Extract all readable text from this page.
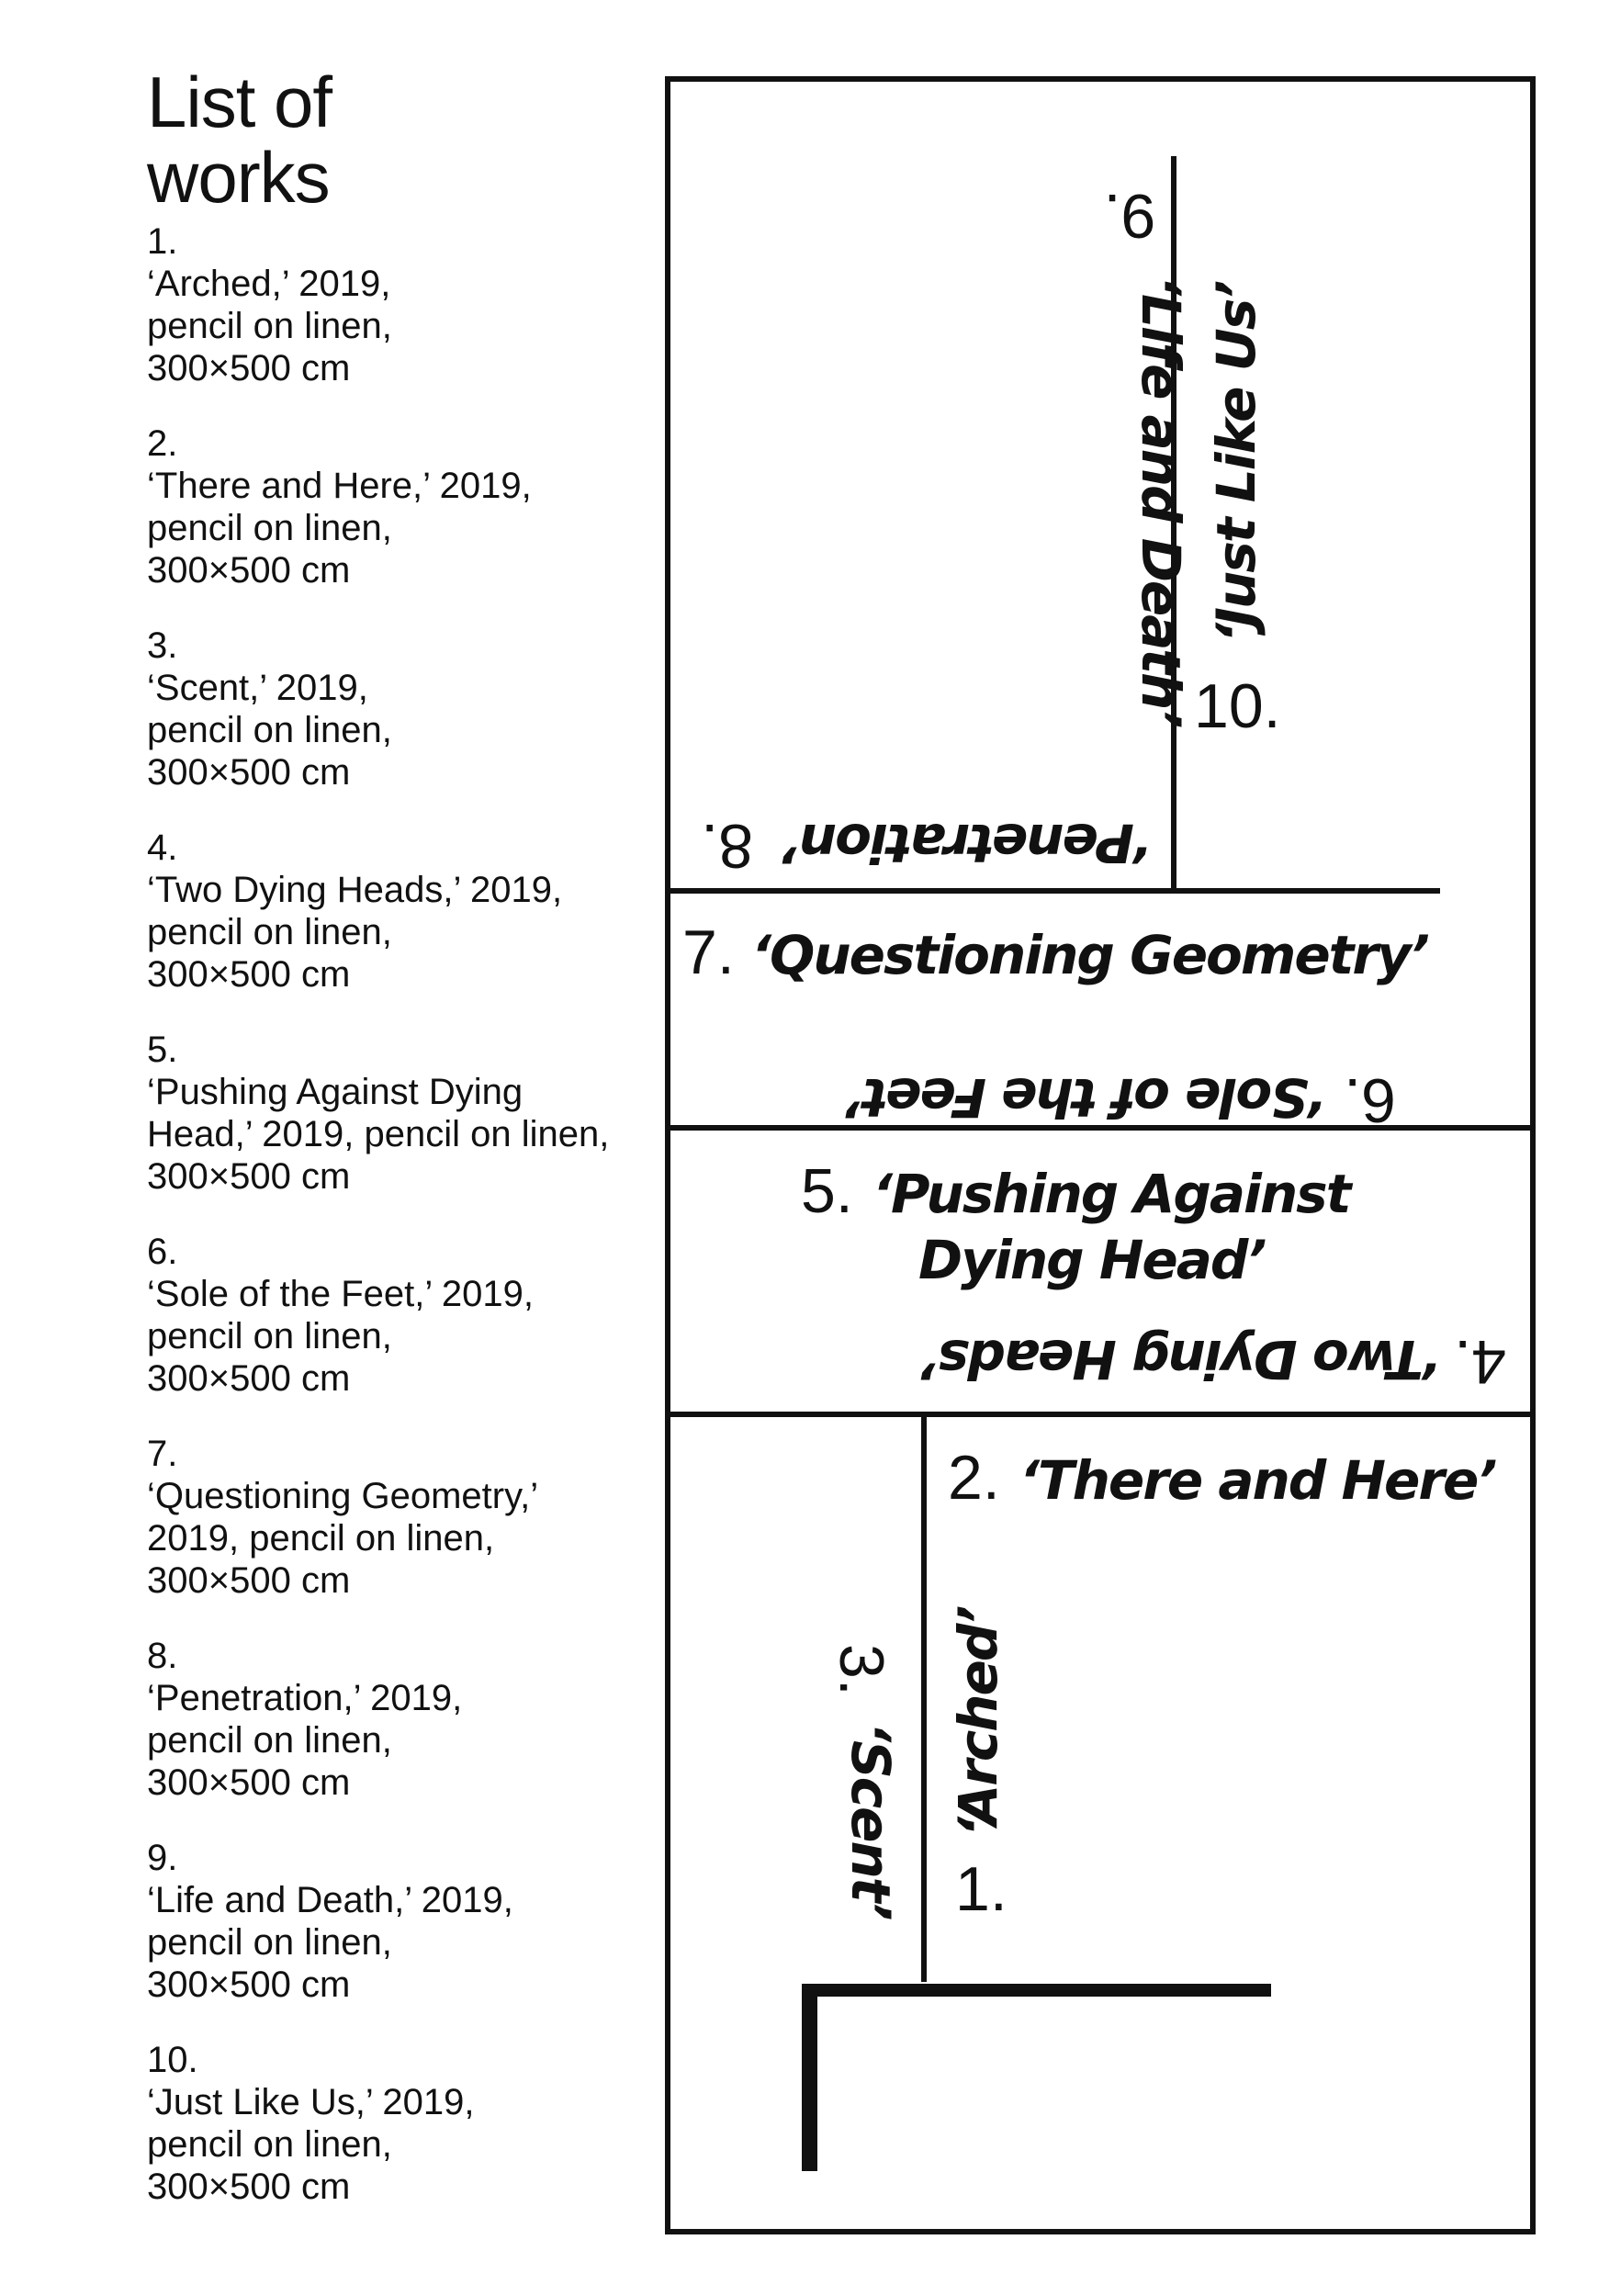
List of
works
1.
‘Arched,’ 2019,
pencil on linen,
300×500 cm
2.
‘There and Here,’ 2019,
pencil on linen,
300×500 cm
3.
‘Scent,’ 2019,
pencil on linen,
300×500 cm
4.
‘Two Dying Heads,’ 2019,
pencil on linen,
300×500 cm
5.
‘Pushing Against Dying
Head,’ 2019, pencil on linen,
300×500 cm
6.
‘Sole of the Feet,’ 2019,
pencil on linen,
300×500 cm
7.
‘Questioning Geometry,’
2019, pencil on linen,
300×500 cm
8.
‘Penetration,’ 2019,
pencil on linen,
300×500 cm
9.
‘Life and Death,’ 2019,
pencil on linen,
300×500 cm
10.
‘Just Like Us,’ 2019,
pencil on linen,
300×500 cm
9.
‘Life and Death’ ‘Just Like Us’
10.
‘Penetration’
8.
7. ‘Questioning Geometry’
6.
‘Sole of the Feet’
5. ‘Pushing Against
Dying Head’
4.
‘Two Dying Heads’
2. ‘There and Here’
3.
‘Scent’ ‘Arched’
1.
